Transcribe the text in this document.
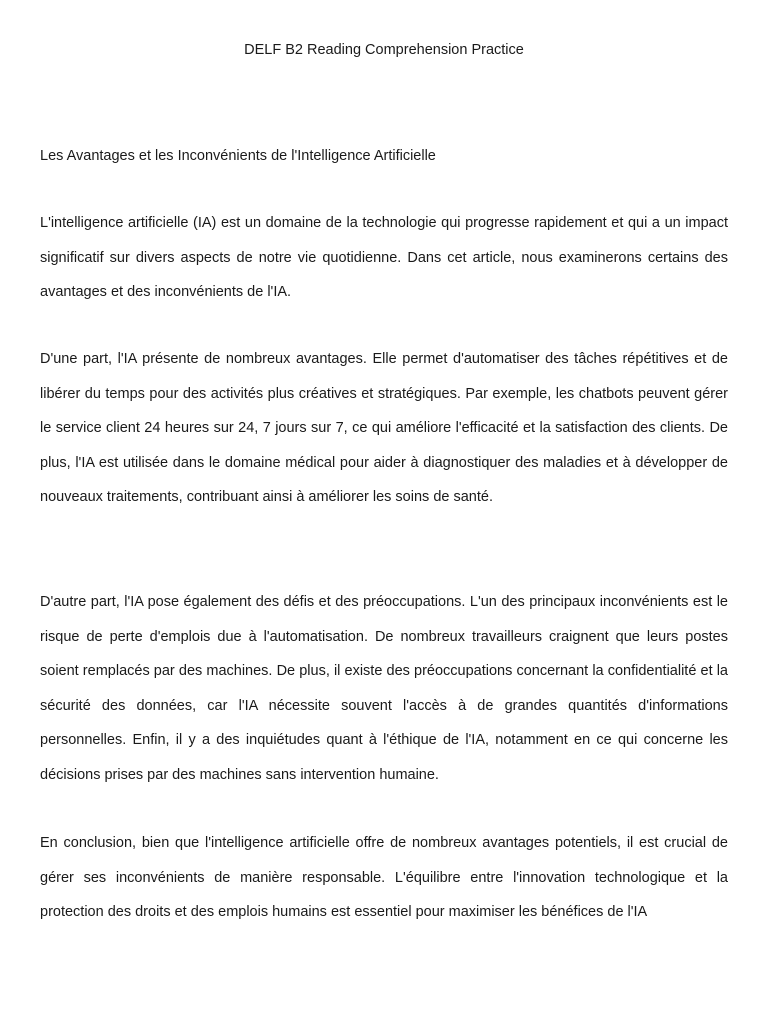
DELF B2 Reading Comprehension Practice
Les Avantages et les Inconvénients de l'Intelligence Artificielle

L'intelligence artificielle (IA) est un domaine de la technologie qui progresse rapidement et qui a un impact significatif sur divers aspects de notre vie quotidienne. Dans cet article, nous examinerons certains des avantages et des inconvénients de l'IA.

D'une part, l'IA présente de nombreux avantages. Elle permet d'automatiser des tâches répétitives et de libérer du temps pour des activités plus créatives et stratégiques. Par exemple, les chatbots peuvent gérer le service client 24 heures sur 24, 7 jours sur 7, ce qui améliore l'efficacité et la satisfaction des clients. De plus, l'IA est utilisée dans le domaine médical pour aider à diagnostiquer des maladies et à développer de nouveaux traitements, contribuant ainsi à améliorer les soins de santé.

D'autre part, l'IA pose également des défis et des préoccupations. L'un des principaux inconvénients est le risque de perte d'emplois due à l'automatisation. De nombreux travailleurs craignent que leurs postes soient remplacés par des machines. De plus, il existe des préoccupations concernant la confidentialité et la sécurité des données, car l'IA nécessite souvent l'accès à de grandes quantités d'informations personnelles. Enfin, il y a des inquiétudes quant à l'éthique de l'IA, notamment en ce qui concerne les décisions prises par des machines sans intervention humaine.

En conclusion, bien que l'intelligence artificielle offre de nombreux avantages potentiels, il est crucial de gérer ses inconvénients de manière responsable. L'équilibre entre l'innovation technologique et la protection des droits et des emplois humains est essentiel pour maximiser les bénéfices de l'IA
